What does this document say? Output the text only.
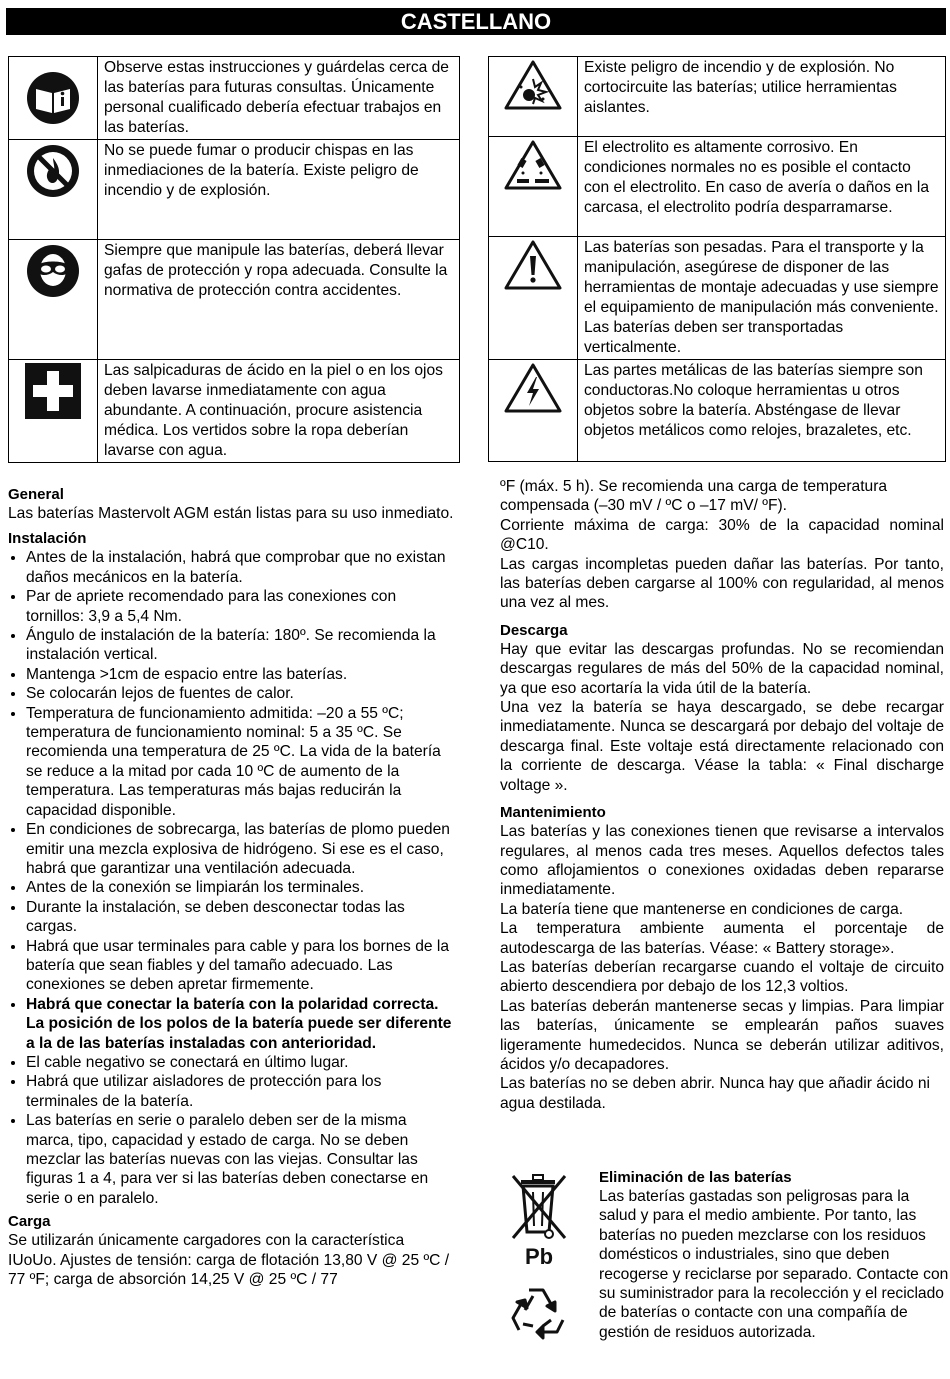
CASTELLANO
	Observe estas instrucciones y guárdelas cerca de las baterías para futuras consultas. Únicamente personal cualificado debería efectuar trabajos en las baterías.

	No se puede fumar o producir chispas en las inmediaciones de la batería. Existe peligro de incendio y de explosión.

	Siempre que manipule las baterías, deberá llevar gafas de protección y ropa adecuada. Consulte la normativa de protección contra accidentes.

	Las salpicaduras de ácido en la piel o en los ojos deben lavarse inmediatamente con agua abundante. A continuación, procure asistencia médica. Los vertidos sobre la ropa deberían lavarse con agua.
	Existe peligro de incendio y de explosión. No cortocircuite las baterías; utilice herramientas aislantes.

	El electrolito es altamente corrosivo. En condiciones normales no es posible el contacto con el electrolito. En caso de avería o daños en la carcasa, el electrolito podría desparramarse.

	Las baterías son pesadas. Para el transporte y la manipulación, asegúrese de disponer de las herramientas de montaje adecuadas y use siempre el equipamiento de manipulación más conveniente. Las baterías deben ser transportadas verticalmente.

	Las partes metálicas de las baterías siempre son conductoras.No coloque herramientas u otros objetos sobre la batería. Absténgase de llevar objetos metálicos como relojes, brazaletes, etc.
General

Las baterías Mastervolt AGM están listas para su uso inmediato.

Instalación
• Antes de la instalación, habrá que comprobar que no existan daños mecánicos en la batería.
• Par de apriete recomendado para las conexiones con tornillos: 3,9 a 5,4 Nm.
• Ángulo de instalación de la batería: 180º. Se recomienda la instalación vertical.
• Mantenga >1cm de espacio entre las baterías.
• Se colocarán lejos de fuentes de calor.
• Temperatura de funcionamiento admitida: –20 a 55 ºC; temperatura de funcionamiento nominal: 5 a 35 ºC. Se recomienda una temperatura de 25 ºC. La vida de la batería se reduce a la mitad por cada 10 ºC de aumento de la temperatura. Las temperaturas más bajas reducirán la capacidad disponible.
• En condiciones de sobrecarga, las baterías de plomo pueden emitir una mezcla explosiva de hidrógeno. Si ese es el caso, habrá que garantizar una ventilación adecuada.
• Antes de la conexión se limpiarán los terminales.
• Durante la instalación, se deben desconectar todas las cargas.
• Habrá que usar terminales para cable y para los bornes de la batería que sean fiables y del tamaño adecuado. Las conexiones se deben apretar firmemente.
• Habrá que conectar la batería con la polaridad correcta. La posición de los polos de la batería puede ser diferente a la de las baterías instaladas con anterioridad.
• El cable negativo se conectará en último lugar.
• Habrá que utilizar aisladores de protección para los terminales de la batería.
• Las baterías en serie o paralelo deben ser de la misma marca, tipo, capacidad y estado de carga. No se deben mezclar las baterías nuevas con las viejas. Consultar las figuras 1 a 4, para ver si las baterías deben conectarse en serie o en paralelo.
Carga

Se utilizarán únicamente cargadores con la característica IUoUo. Ajustes de tensión: carga de flotación 13,80 V @ 25 ºC / 77 ºF; carga de absorción 14,25 V @ 25 ºC / 77

ºF (máx. 5 h). Se recomienda una carga de temperatura compensada (–30 mV / ºC o –17 mV/ ºF).

Corriente máxima de carga: 30% de la capacidad nominal @C10.

Las cargas incompletas pueden dañar las baterías. Por tanto, las baterías deben cargarse al 100% con regularidad, al menos una vez al mes.

Descarga

Hay que evitar las descargas profundas. No se recomiendan descargas regulares de más del 50% de la capacidad nominal, ya que eso acortaría la vida útil de la batería.

Una vez la batería se haya descargado, se debe recargar inmediatamente. Nunca se descargará por debajo del voltaje de descarga final. Este voltaje está directamente relacionado con la corriente de descarga. Véase la tabla: « Final discharge voltage ».

Mantenimiento

Las baterías y las conexiones tienen que revisarse a intervalos regulares, al menos cada tres meses. Aquellos defectos tales como aflojamientos o conexiones oxidadas deben repararse inmediatamente.

La batería tiene que mantenerse en condiciones de carga.

La temperatura ambiente aumenta el porcentaje de autodescarga de las baterías. Véase: « Battery storage».

Las baterías deberían recargarse cuando el voltaje de circuito abierto descendiera por debajo de los 12,3 voltios.

Las baterías deberán mantenerse secas y limpias. Para limpiar las baterías, únicamente se emplearán paños suaves ligeramente humedecidos. Nunca se deberán utilizar aditivos, ácidos y/o decapadores.

Las baterías no se deben abrir. Nunca hay que añadir ácido ni agua destilada.

Pb

Eliminación de las baterías

Las baterías gastadas son peligrosas para la salud y para el medio ambiente. Por tanto, las baterías no pueden mezclarse con los residuos domésticos o industriales, sino que deben recogerse y reciclarse por separado. Contacte con su suministrador para la recolección y el reciclado de baterías o contacte con una compañía de gestión de residuos autorizada.
